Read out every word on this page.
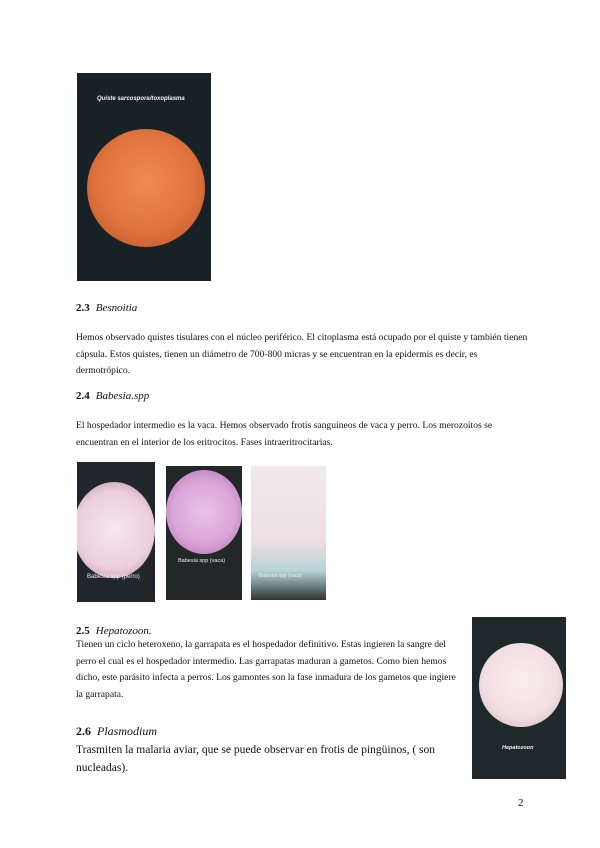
Quiste sarcospora/toxoplasma
2.3 Besnoitia
Hemos observado quistes tisulares con el núcleo periférico. El citoplasma está ocupado por el quiste y también tienen cápsula. Estos quistes, tienen un diámetro de 700-800 micras y se encuentran en la epidermis es decir, es dermotrópico.
2.4 Babesia.spp
El hospedador intermedio es la vaca. Hemos observado frotis sanguíneos de vaca y perro. Los merozoítos se encuentran en el interior de los eritrocitos. Fases intraeritrocitarias.
Babesia spp (perro)
Babesia spp (vaca)
Babesia spp (vaca)
2.5 Hepatozoon.
Tienen un ciclo heteroxeno, la garrapata es el hospedador definitivo. Estas ingieren la sangre del perro el cual es el hospedador intermedio. Las garrapatas maduran a gametos. Como bien hemos dicho, este parásito infecta a perros. Los gamontes son la fase inmadura de los gametos que ingiere la garrapata.
Hepatozoon
2.6 Plasmodium
Trasmiten la malaria aviar, que se puede observar en frotis de pingüinos, ( son nucleadas).
2
